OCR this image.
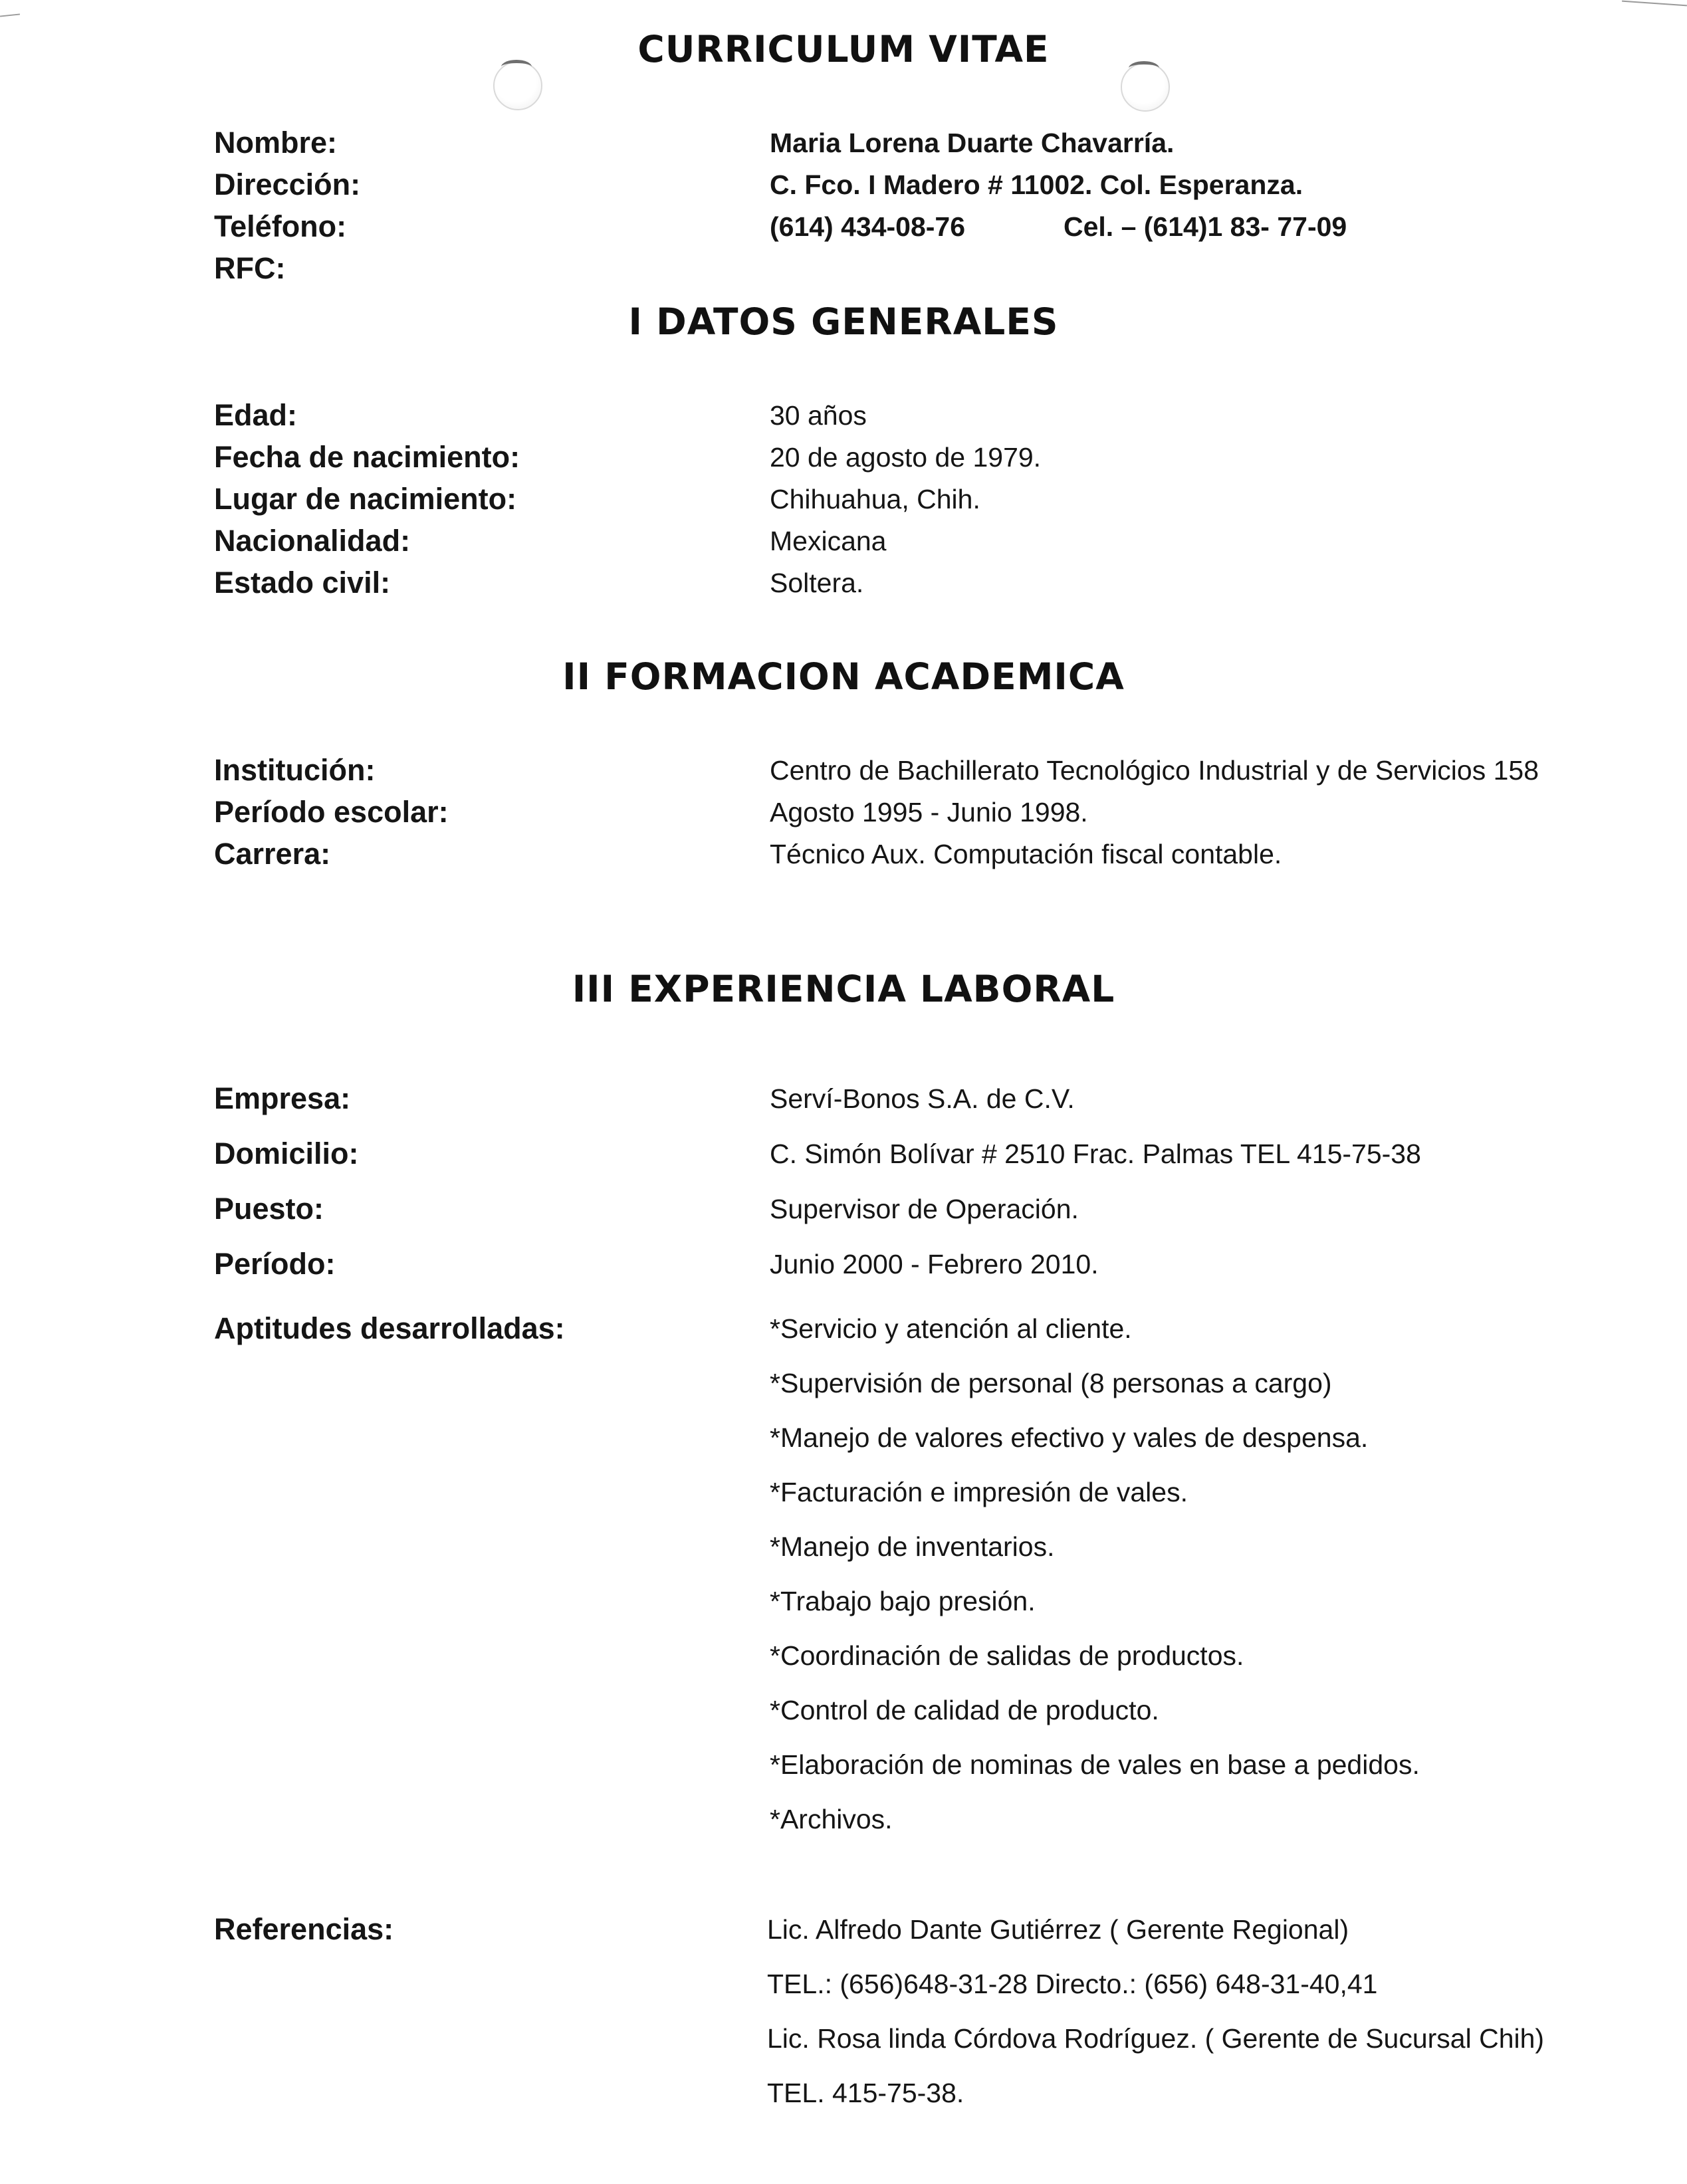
CURRICULUM VITAE
Nombre:	Maria Lorena Duarte Chavarría.
Dirección:	C. Fco. I Madero # 11002. Col. Esperanza.
Teléfono:	(614) 434-08-76	Cel. – (614)1 83- 77-09
RFC:
I DATOS GENERALES
Edad:	30 años
Fecha de nacimiento:	20 de agosto de 1979.
Lugar de nacimiento:	Chihuahua, Chih.
Nacionalidad:	Mexicana
Estado civil:	Soltera.
II FORMACION ACADEMICA
Institución:	Centro de Bachillerato Tecnológico Industrial y de Servicios 158
Período escolar:	Agosto 1995 - Junio 1998.
Carrera:	Técnico Aux. Computación fiscal contable.
III EXPERIENCIA LABORAL
Empresa:	Serví-Bonos S.A. de C.V.
Domicilio:	C. Simón Bolívar # 2510 Frac. Palmas TEL 415-75-38
Puesto:	Supervisor de Operación.
Período:	Junio 2000 - Febrero 2010.
Aptitudes desarrolladas:	*Servicio y atención al cliente.
*Supervisión de personal (8 personas a cargo)
*Manejo de valores efectivo y vales de despensa.
*Facturación e impresión de vales.
*Manejo de inventarios.
*Trabajo bajo presión.
*Coordinación de salidas de productos.
*Control de calidad de producto.
*Elaboración de nominas de vales en base a pedidos.
*Archivos.
Referencias:	Lic. Alfredo Dante Gutiérrez ( Gerente Regional)
TEL.: (656)648-31-28 Directo.: (656) 648-31-40,41
Lic. Rosa linda Córdova Rodríguez. ( Gerente de Sucursal Chih)
TEL. 415-75-38.
